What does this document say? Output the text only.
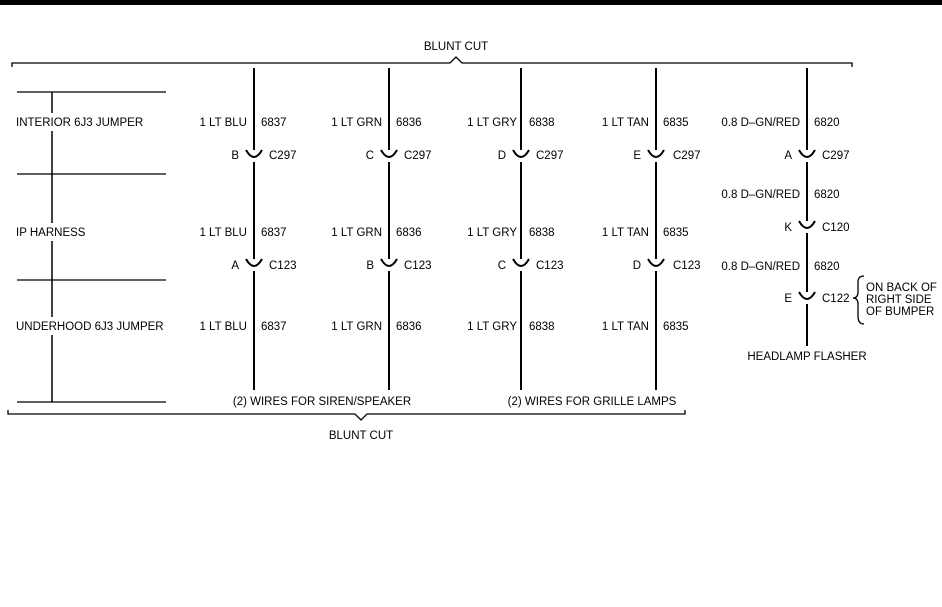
BLUNT CUT
BLUNT CUT
INTERIOR 6J3 JUMPER
IP HARNESS
UNDERHOOD 6J3 JUMPER
1 LT BLU 6837
B	C297
1 LT BLU 6837
A	C123
1 LT BLU 6837
1 LT GRN 6836
C	C297
1 LT GRN 6836
B	C123
1 LT GRN 6836
1 LT GRY 6838
D	C297
1 LT GRY 6838
C	C123
1 LT GRY 6838
1 LT TAN 6835
E	C297
1 LT TAN 6835
D	C123
1 LT TAN 6835
0.8 D–GN/RED 6820
A	C297
0.8 D–GN/RED 6820
K	C120
0.8 D–GN/RED 6820
E	C122
ON BACK OF
RIGHT SIDE
OF BUMPER
HEADLAMP FLASHER
(2) WIRES FOR SIREN/SPEAKER	(2) WIRES FOR GRILLE LAMPS
